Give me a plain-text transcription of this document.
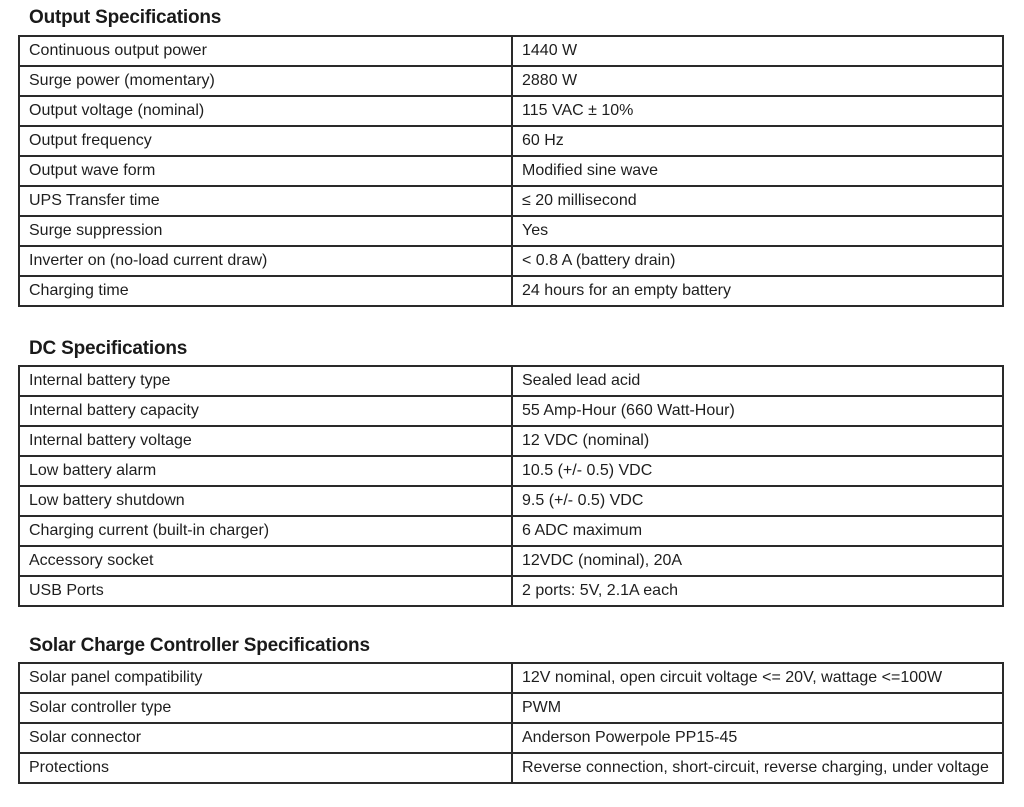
Output Specifications
Continuous output power	1440 W
Surge power (momentary)	2880 W
Output voltage (nominal)	115 VAC ± 10%
Output frequency	60 Hz
Output wave form	Modified sine wave
UPS Transfer time	≤ 20 millisecond
Surge suppression	Yes
Inverter on (no-load current draw)	< 0.8 A (battery drain)
Charging time	24 hours for an empty battery
DC Specifications
Internal battery type	Sealed lead acid
Internal battery capacity	55 Amp-Hour (660 Watt-Hour)
Internal battery voltage	12 VDC (nominal)
Low battery alarm	10.5 (+/- 0.5) VDC
Low battery shutdown	9.5 (+/- 0.5) VDC
Charging current (built-in charger)	6 ADC maximum
Accessory socket	12VDC (nominal), 20A
USB Ports	2 ports: 5V, 2.1A each
Solar Charge Controller Specifications
Solar panel compatibility	12V nominal, open circuit voltage <= 20V, wattage <=100W
Solar controller type	PWM
Solar connector	Anderson Powerpole PP15-45
Protections	Reverse connection, short-circuit, reverse charging, under voltage
